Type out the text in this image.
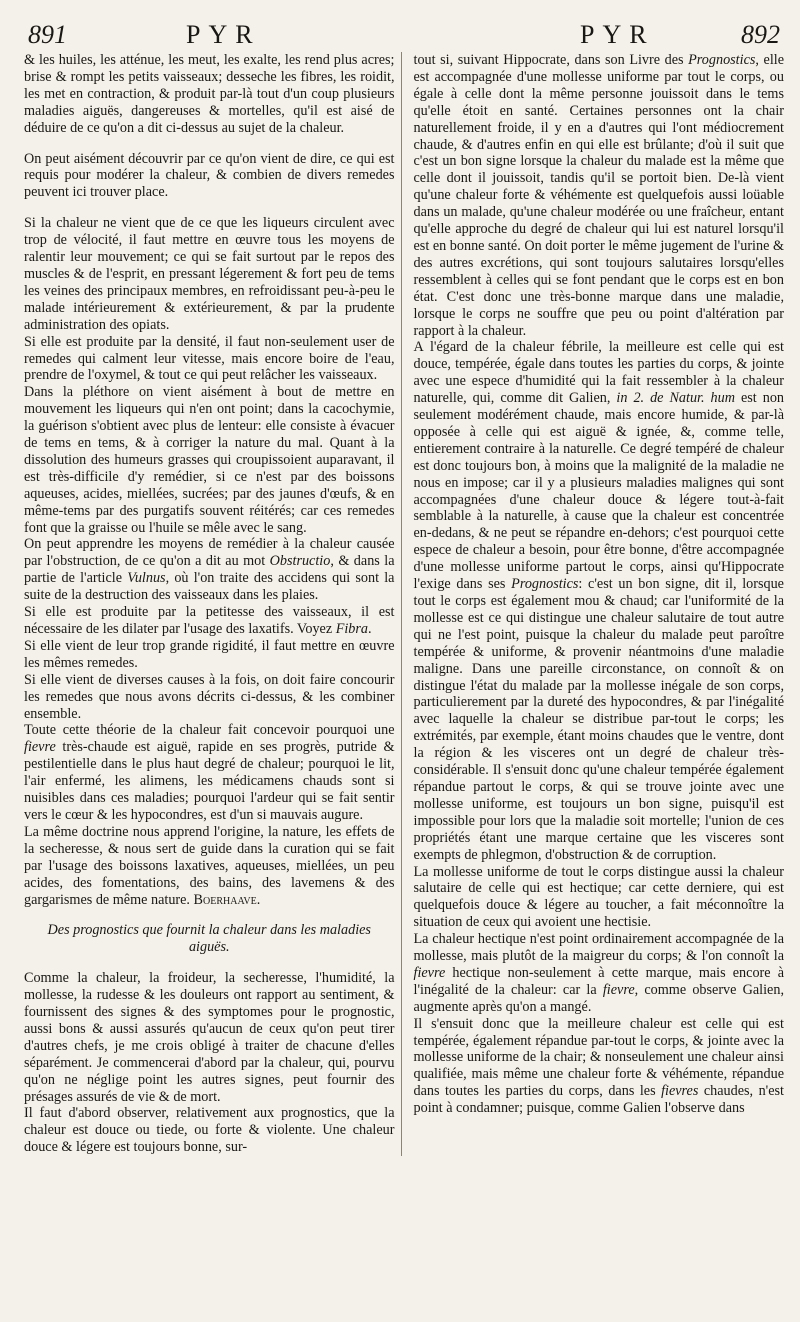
891	PYR	PYR	892

& les huiles, les atténue, les meut, les exalte, les rend plus acres; brise & rompt les petits vaisseaux; desseche les fibres, les roidit, les met en contraction, & produit par-là tout d'un coup plusieurs maladies aiguës, dangereuses & mortelles, qu'il est aisé de déduire de ce qu'on a dit ci-dessus au sujet de la chaleur.

On peut aisément découvrir par ce qu'on vient de dire, ce qui est requis pour modérer la chaleur, & combien de divers remedes peuvent ici trouver place.

Si la chaleur ne vient que de ce que les liqueurs circulent avec trop de vélocité, il faut mettre en œuvre tous les moyens de ralentir leur mouvement; ce qui se fait surtout par le repos des muscles & de l'esprit, en pressant légerement & fort peu de tems les veines des principaux membres, en refroidissant peu-à-peu le malade intérieurement & extérieurement, & par la prudente administration des opiats.

Si elle est produite par la densité, il faut non-seulement user de remedes qui calment leur vitesse, mais encore boire de l'eau, prendre de l'oxymel, & tout ce qui peut relâcher les vaisseaux.

Dans la pléthore on vient aisément à bout de mettre en mouvement les liqueurs qui n'en ont point; dans la cacochymie, la guérison s'obtient avec plus de lenteur: elle consiste à évacuer de tems en tems, & à corriger la nature du mal. Quant à la dissolution des humeurs grasses qui croupissoient auparavant, il est très-difficile d'y remédier, si ce n'est par des boissons aqueuses, acides, miellées, sucrées; par des jaunes d'œufs, & en même-tems par des purgatifs souvent réitérés; car ces remedes font que la graisse ou l'huile se mêle avec le sang.

On peut apprendre les moyens de remédier à la chaleur causée par l'obstruction, de ce qu'on a dit au mot Obstructio, & dans la partie de l'article Vulnus, où l'on traite des accidens qui sont la suite de la destruction des vaisseaux dans les plaies.

Si elle est produite par la petitesse des vaisseaux, il est nécessaire de les dilater par l'usage des laxatifs. Voyez Fibra.

Si elle vient de leur trop grande rigidité, il faut mettre en œuvre les mêmes remedes.

Si elle vient de diverses causes à la fois, on doit faire concourir les remedes que nous avons décrits ci-dessus, & les combiner ensemble.

Toute cette théorie de la chaleur fait concevoir pourquoi une fievre très-chaude est aiguë, rapide en ses progrès, putride & pestilentielle dans le plus haut degré de chaleur; pourquoi le lit, l'air enfermé, les alimens, les médicamens chauds sont si nuisibles dans ces maladies; pourquoi l'ardeur qui se fait sentir vers le cœur & les hypocondres, est d'un si mauvais augure.

La même doctrine nous apprend l'origine, la nature, les effets de la secheresse, & nous sert de guide dans la curation qui se fait par l'usage des boissons laxatives, aqueuses, miellées, un peu acides, des fomentations, des bains, des lavemens & des gargarismes de même nature. Boerhaave.

Des prognostics que fournit la chaleur dans les maladies aiguës.

Comme la chaleur, la froideur, la secheresse, l'humidité, la mollesse, la rudesse & les douleurs ont rapport au sentiment, & fournissent des signes & des symptomes pour le prognostic, aussi bons & aussi assurés qu'aucun de ceux qu'on peut tirer d'autres chefs, je me crois obligé à traiter de chacune d'elles séparément. Je commencerai d'abord par la chaleur, qui, pourvu qu'on ne néglige point les autres signes, peut fournir des présages assurés de vie & de mort.

Il faut d'abord observer, relativement aux prognostics, que la chaleur est douce ou tiede, ou forte & violente. Une chaleur douce & légere est toujours bonne, sur-

tout si, suivant Hippocrate, dans son Livre des Prognostics, elle est accompagnée d'une mollesse uniforme par tout le corps, ou égale à celle dont la même personne jouissoit dans le tems qu'elle étoit en santé. Certaines personnes ont la chair naturellement froide, il y en a d'autres qui l'ont médiocrement chaude, & d'autres enfin en qui elle est brûlante; d'où il suit que c'est un bon signe lorsque la chaleur du malade est la même que celle dont il jouissoit, tandis qu'il se portoit bien. De-là vient qu'une chaleur forte & véhémente est quelquefois aussi loüable dans un malade, qu'une chaleur modérée ou une fraîcheur, entant qu'elle approche du degré de chaleur qui lui est naturel lorsqu'il est en bonne santé. On doit porter le même jugement de l'urine & des autres excrétions, qui sont toujours salutaires lorsqu'elles ressemblent à celles qui se font pendant que le corps est en bon état. C'est donc une très-bonne marque dans une maladie, lorsque le corps ne souffre que peu ou point d'altération par rapport à la chaleur.

A l'égard de la chaleur fébrile, la meilleure est celle qui est douce, tempérée, égale dans toutes les parties du corps, & jointe avec une espece d'humidité qui la fait ressembler à la chaleur naturelle, qui, comme dit Galien, in 2. de Natur. hum est non seulement modérément chaude, mais encore humide, & par-là opposée à celle qui est aiguë & ignée, &, comme telle, entierement contraire à la naturelle. Ce degré tempéré de chaleur est donc toujours bon, à moins que la malignité de la maladie ne nous en impose; car il y a plusieurs maladies malignes qui sont accompagnées d'une chaleur douce & légere tout-à-fait semblable à la naturelle, à cause que la chaleur est concentrée en-dedans, & ne peut se répandre en-dehors; c'est pourquoi cette espece de chaleur a besoin, pour être bonne, d'être accompagnée d'une mollesse uniforme partout le corps, ainsi qu'Hippocrate l'exige dans ses Prognostics: c'est un bon signe, dit il, lorsque tout le corps est également mou & chaud; car l'uniformité de la mollesse est ce qui distingue une chaleur salutaire de tout autre qui ne l'est point, puisque la chaleur du malade peut paroître tempérée & uniforme, & provenir néantmoins d'une maladie maligne. Dans une pareille circonstance, on connoît & on distingue l'état du malade par la mollesse inégale de son corps, particulierement par la dureté des hypocondres, & par l'inégalité avec laquelle la chaleur se distribue par-tout le corps; les extrémités, par exemple, étant moins chaudes que le ventre, dont la région & les visceres ont un degré de chaleur très-considérable. Il s'ensuit donc qu'une chaleur tempérée également répandue partout le corps, & qui se trouve jointe avec une mollesse uniforme, est toujours un bon signe, puisqu'il est impossible pour lors que la maladie soit mortelle; l'union de ces propriétés étant une marque certaine que les visceres sont exempts de phlegmon, d'obstruction & de corruption.

La mollesse uniforme de tout le corps distingue aussi la chaleur salutaire de celle qui est hectique; car cette derniere, qui est quelquefois douce & légere au toucher, a fait méconnoître la situation de ceux qui avoient une hectisie.

La chaleur hectique n'est point ordinairement accompagnée de la mollesse, mais plutôt de la maigreur du corps; & l'on connoît la fievre hectique non-seulement à cette marque, mais encore à l'inégalité de la chaleur: car la fievre, comme observe Galien, augmente après qu'on a mangé.

Il s'ensuit donc que la meilleure chaleur est celle qui est tempérée, également répandue par-tout le corps, & jointe avec la mollesse uniforme de la chair; & nonseulement une chaleur ainsi qualifiée, mais même une chaleur forte & véhémente, répandue dans toutes les parties du corps, dans les fievres chaudes, n'est point à condamner; puisque, comme Galien l'observe dans
